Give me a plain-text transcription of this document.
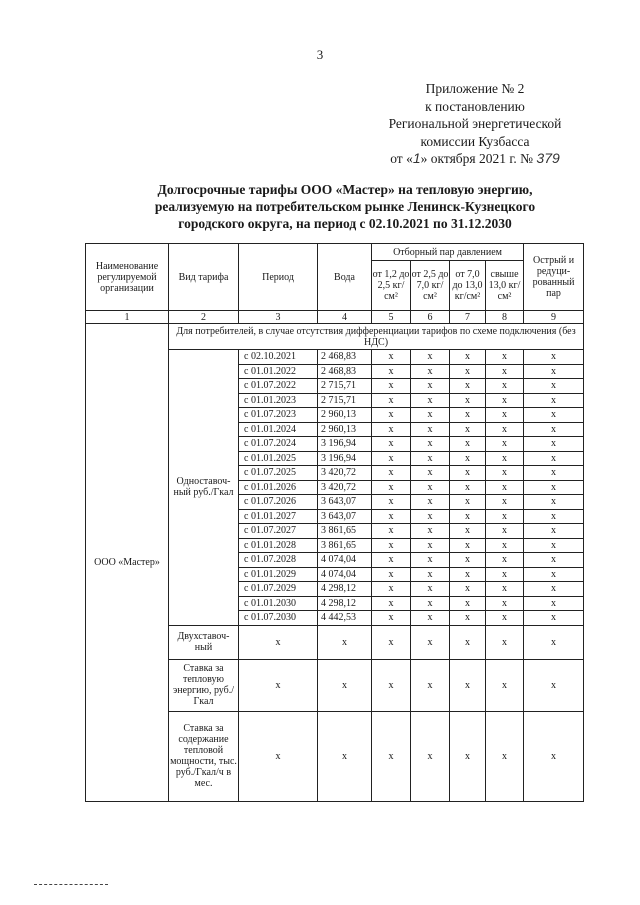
3
Приложение № 2
к постановлению
Региональной энергетической
комиссии Кузбасса
от «1» октября 2021 г. № 379
Долгосрочные тарифы ООО «Мастер» на тепловую энергию,
реализуемую на потребительском рынке Ленинск-Кузнецкого
городского округа, на период с 02.10.2021 по 31.12.2030
Наименование регулируемой организации	Вид тарифа	Период	Вода	Отборный пар давлением				Острый и редуци-рованный пар
				от 1,2 до 2,5 кг/см²	от 2,5 до 7,0 кг/см²	от 7,0 до 13,0 кг/см²	свыше 13,0 кг/см²	
1	2	3	4	5	6	7	8	9
ООО «Мастер»	Для потребителей, в случае отсутствия дифференциации тарифов по схеме подключения (без НДС)							
	Одноставоч-ный руб./Гкал	с 02.10.2021	2 468,83	x	x	x	x	x
		с 01.01.2022	2 468,83	x	x	x	x	x
		с 01.07.2022	2 715,71	x	x	x	x	x
		с 01.01.2023	2 715,71	x	x	x	x	x
		с 01.07.2023	2 960,13	x	x	x	x	x
		с 01.01.2024	2 960,13	x	x	x	x	x
		с 01.07.2024	3 196,94	x	x	x	x	x
		с 01.01.2025	3 196,94	x	x	x	x	x
		с 01.07.2025	3 420,72	x	x	x	x	x
		с 01.01.2026	3 420,72	x	x	x	x	x
		с 01.07.2026	3 643,07	x	x	x	x	x
		с 01.01.2027	3 643,07	x	x	x	x	x
		с 01.07.2027	3 861,65	x	x	x	x	x
		с 01.01.2028	3 861,65	x	x	x	x	x
		с 01.07.2028	4 074,04	x	x	x	x	x
		с 01.01.2029	4 074,04	x	x	x	x	x
		с 01.07.2029	4 298,12	x	x	x	x	x
		с 01.01.2030	4 298,12	x	x	x	x	x
		с 01.07.2030	4 442,53	x	x	x	x	x
	Двухставоч-ный	x	x	x	x	x	x	x
	Ставка за тепловую энергию, руб./Гкал	x	x	x	x	x	x	x
	Ставка за содержание тепловой мощности, тыс. руб./Гкал/ч в мес.	x	x	x	x	x	x	x
